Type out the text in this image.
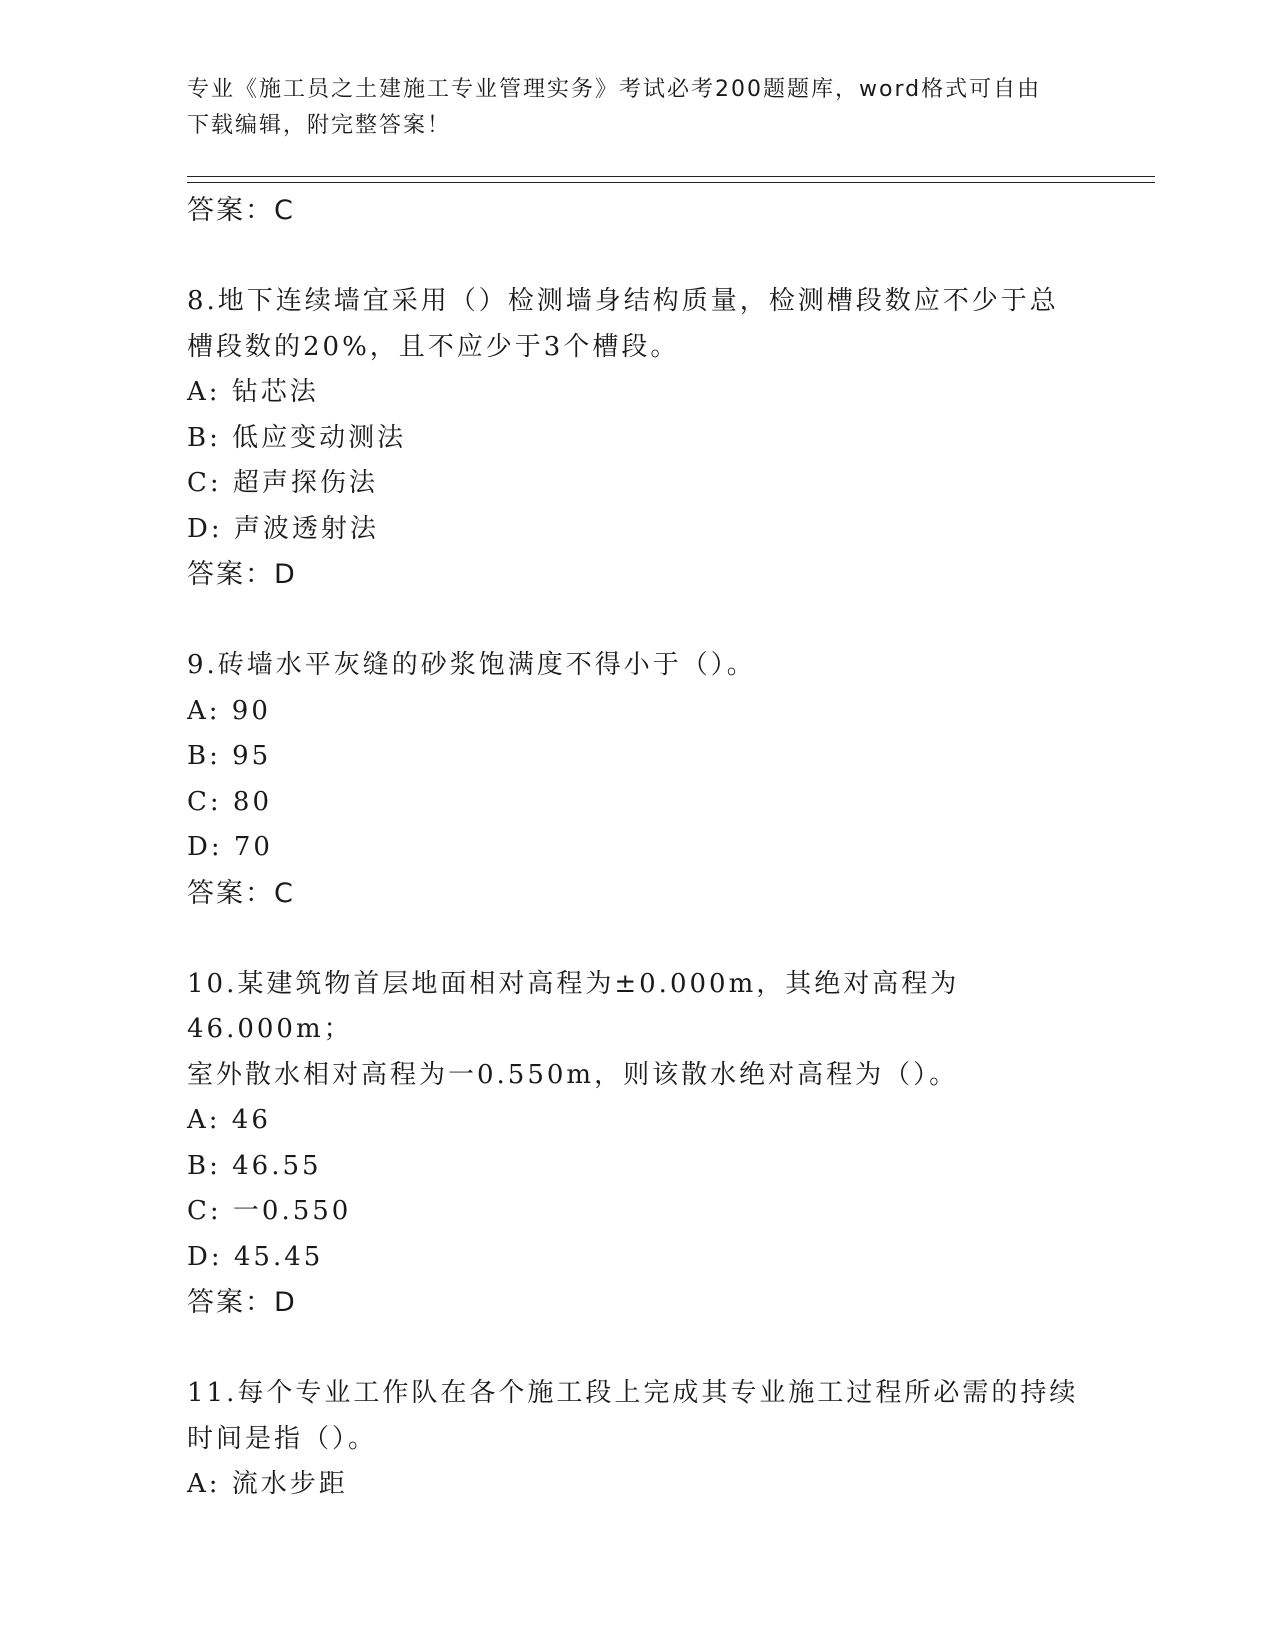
专业《施工员之土建施工专业管理实务》考试必考200题题库，word格式可自由
下载编辑，附完整答案！
答案：C
8.地下连续墙宜采用（）检测墙身结构质量，检测槽段数应不少于总
槽段数的20%，且不应少于3个槽段。
A: 钻芯法
B: 低应变动测法
C: 超声探伤法
D: 声波透射法
答案：D
9.砖墙水平灰缝的砂浆饱满度不得小于（）。
A: 90
B: 95
C: 80
D: 70
答案：C
10.某建筑物首层地面相对高程为±0.000m，其绝对高程为46.000m；
室外散水相对高程为一0.550m，则该散水绝对高程为（）。
A: 46
B: 46.55
C: 一0.550
D: 45.45
答案：D
11.每个专业工作队在各个施工段上完成其专业施工过程所必需的持续
时间是指（）。
A: 流水步距
